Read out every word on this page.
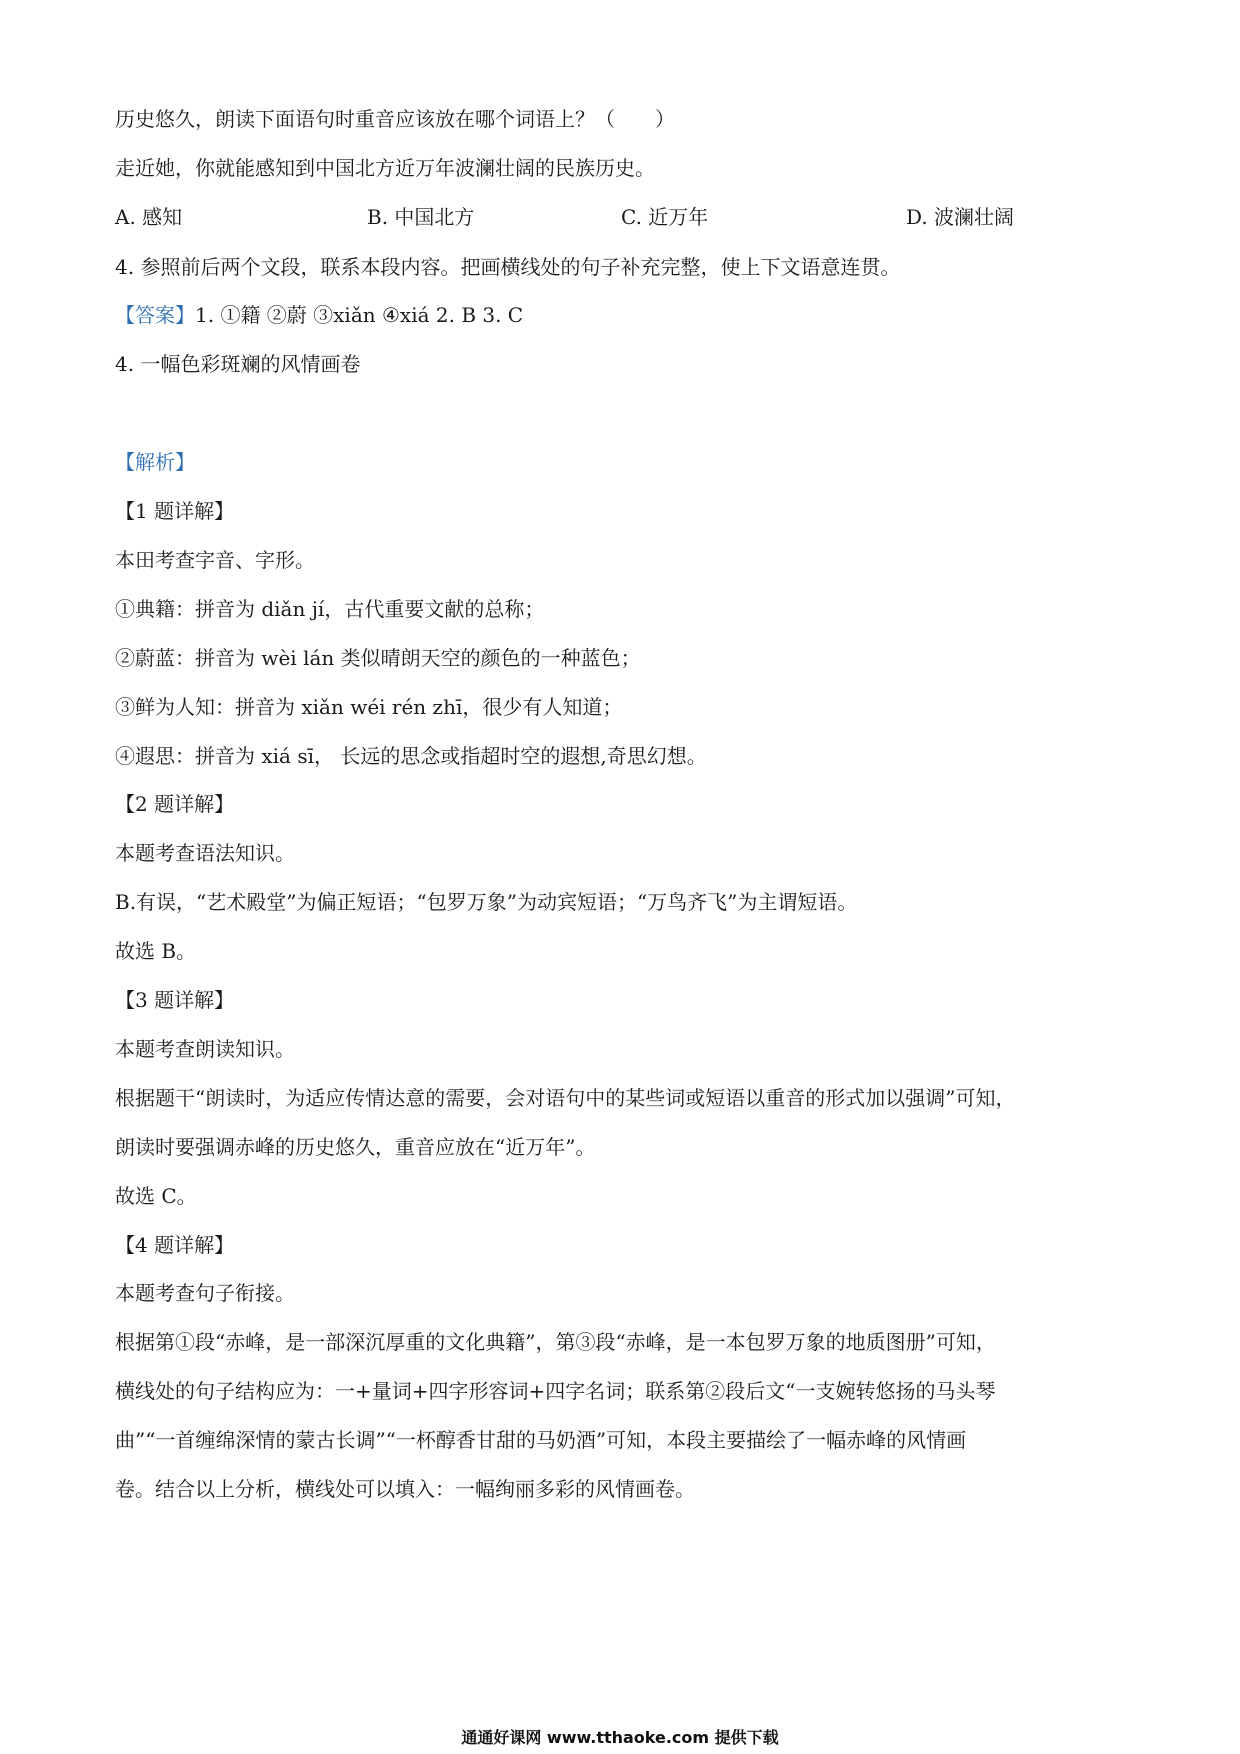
历史悠久，朗读下面语句时重音应该放在哪个词语上？（　　）
走近她，你就能感知到中国北方近万年波澜壮阔的民族历史。
A. 感知	B. 中国北方	C. 近万年	D. 波澜壮阔
4. 参照前后两个文段，联系本段内容。把画横线处的句子补充完整，使上下文语意连贯。
【答案】1. ①籍 ②蔚 ③xiǎn ④xiá 2. B 3. C
4. 一幅色彩斑斓的风情画卷
【解析】
【1 题详解】
本田考查字音、字形。
①典籍：拼音为 diǎn jí，古代重要文献的总称；
②蔚蓝：拼音为 wèi lán 类似晴朗天空的颜色的一种蓝色；
③鲜为人知：拼音为 xiǎn wéi rén zhī，很少有人知道；
④遐思：拼音为 xiá sī， 长远的思念或指超时空的遐想,奇思幻想。
【2 题详解】
本题考查语法知识。
B.有误，“艺术殿堂”为偏正短语；“包罗万象”为动宾短语；“万鸟齐飞”为主谓短语。
故选 B。
【3 题详解】
本题考查朗读知识。
根据题干“朗读时，为适应传情达意的需要，会对语句中的某些词或短语以重音的形式加以强调”可知，
朗读时要强调赤峰的历史悠久，重音应放在“近万年”。
故选 C。
【4 题详解】
本题考查句子衔接。
根据第①段“赤峰，是一部深沉厚重的文化典籍”，第③段“赤峰，是一本包罗万象的地质图册”可知，
横线处的句子结构应为：一+量词+四字形容词+四字名词；联系第②段后文“一支婉转悠扬的马头琴
曲”“一首缠绵深情的蒙古长调”“一杯醇香甘甜的马奶酒”可知，本段主要描绘了一幅赤峰的风情画
卷。结合以上分析，横线处可以填入：一幅绚丽多彩的风情画卷。
通通好课网 www.tthaoke.com 提供下载
